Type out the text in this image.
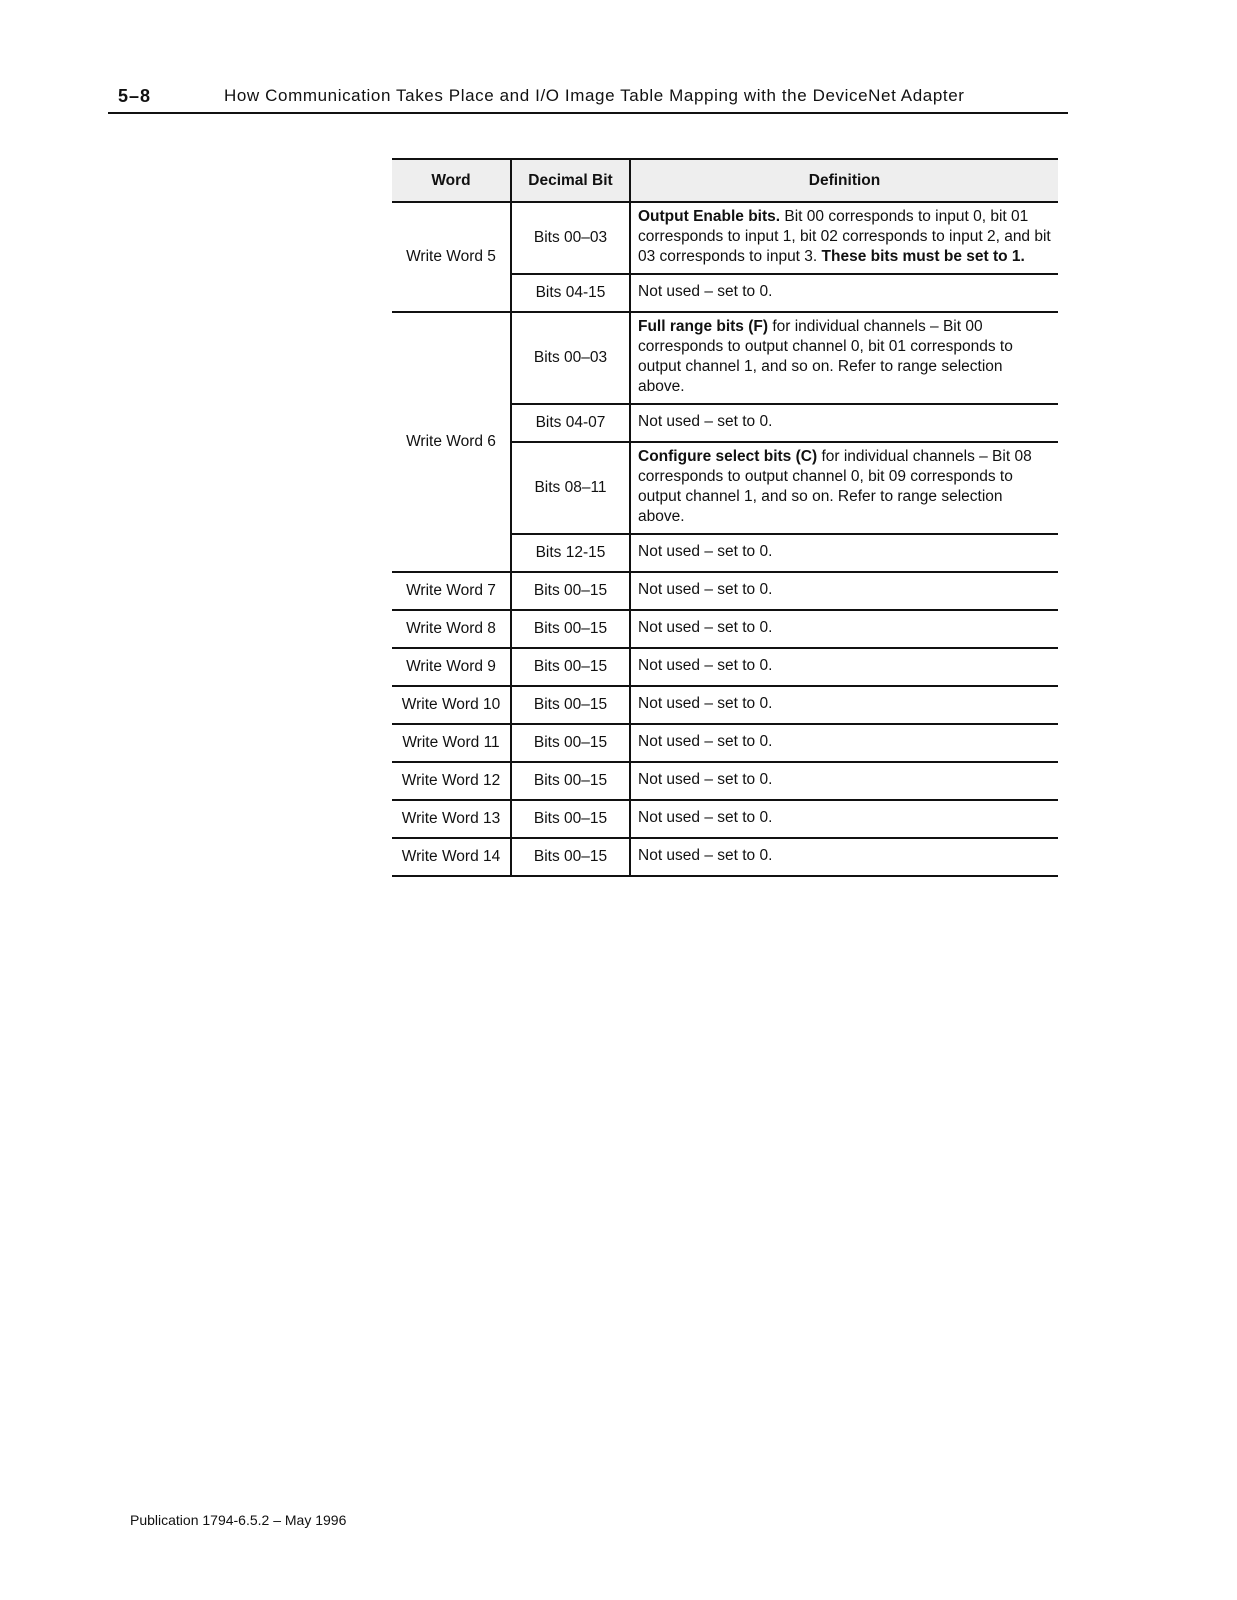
5–8	How Communication Takes Place and I/O Image Table Mapping with the DeviceNet Adapter
Word	Decimal Bit	Definition
Write Word 5	Bits 00–03	Output Enable bits. Bit 00 corresponds to input 0, bit 01 corresponds to input 1, bit 02 corresponds to input 2, and bit 03 corresponds to input 3. These bits must be set to 1.
	Bits 04-15	Not used – set to 0.
Write Word 6	Bits 00–03	Full range bits (F) for individual channels – Bit 00 corresponds to output channel 0, bit 01 corresponds to output channel 1, and so on. Refer to range selection above.
	Bits 04-07	Not used – set to 0.
	Bits 08–11	Configure select bits (C) for individual channels – Bit 08 corresponds to output channel 0, bit 09 corresponds to output channel 1, and so on. Refer to range selection above.
	Bits 12-15	Not used – set to 0.
Write Word 7	Bits 00–15	Not used – set to 0.
Write Word 8	Bits 00–15	Not used – set to 0.
Write Word 9	Bits 00–15	Not used – set to 0.
Write Word 10	Bits 00–15	Not used – set to 0.
Write Word 11	Bits 00–15	Not used – set to 0.
Write Word 12	Bits 00–15	Not used – set to 0.
Write Word 13	Bits 00–15	Not used – set to 0.
Write Word 14	Bits 00–15	Not used – set to 0.
Publication 1794-6.5.2 – May 1996
